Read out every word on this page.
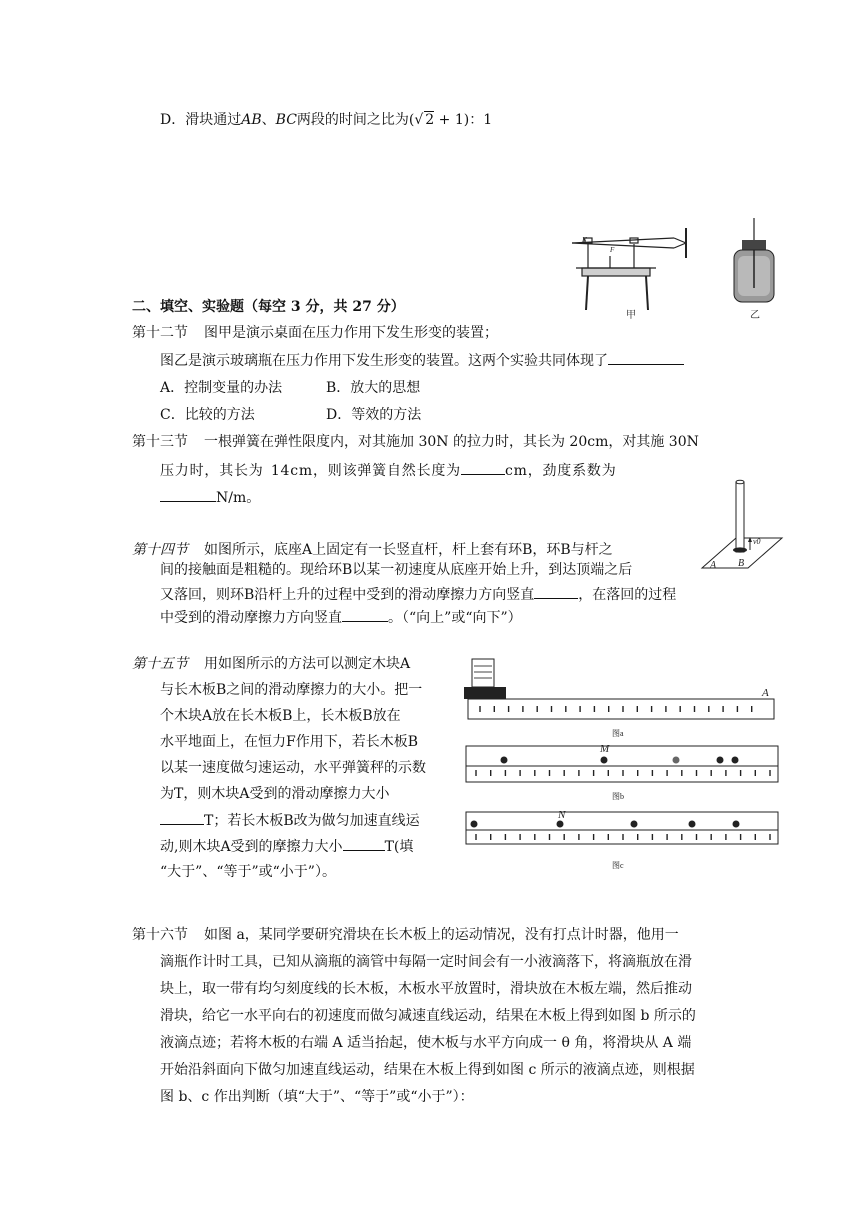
D．滑块通过AB、BC两段的时间之比为(√ 2 + 1)：1
N
F
甲	乙
二、填空、实验题（每空 3 分，共 27 分）
第十二节 图甲是演示桌面在压力作用下发生形变的装置；
图乙是演示玻璃瓶在压力作用下发生形变的装置。这两个实验共同体现了
A．控制变量的办法	B．放大的思想
C．比较的方法	D．等效的方法
第十三节 一根弹簧在弹性限度内，对其施加 30N 的拉力时，其长为 20cm，对其施 30N
压力时，其长为 14cm，则该弹簧自然长度为	cm，劲度系数为
N/m。
v0
A B
第十四节 如图所示，底座A上固定有一长竖直杆，杆上套有环B，环B与杆之
间的接触面是粗糙的。现给环B以某一初速度从底座开始上升，到达顶端之后
又落回，则环B沿杆上升的过程中受到的滑动摩擦力方向竖直	，在落回的过程
中受到的滑动摩擦力方向竖直	。（“向上”或“向下”）
第十五节 用如图所示的方法可以测定木块A
与长木板B之间的滑动摩擦力的大小。把一
个木块A放在长木板B上，长木板B放在
水平地面上，在恒力F作用下，若长木板B
以某一速度做匀速运动，水平弹簧秤的示数
为T，则木块A受到的滑动摩擦力大小
T；若长木板B改为做匀加速直线运
动,则木块A受到的摩擦力大小	T(填
“大于”、“等于”或“小于”）。
A
图a
M
图b
N
图c
第十六节 如图 a，某同学要研究滑块在长木板上的运动情况，没有打点计时器，他用一
滴瓶作计时工具，已知从滴瓶的滴管中每隔一定时间会有一小液滴落下，将滴瓶放在滑
块上，取一带有均匀刻度线的长木板，木板水平放置时，滑块放在木板左端，然后推动
滑块，给它一水平向右的初速度而做匀减速直线运动，结果在木板上得到如图 b 所示的
液滴点迹；若将木板的右端 A 适当抬起，使木板与水平方向成一 θ 角，将滑块从 A 端
开始沿斜面向下做匀加速直线运动，结果在木板上得到如图 c 所示的液滴点迹，则根据
图 b、c 作出判断（填“大于”、“等于”或“小于”）：
